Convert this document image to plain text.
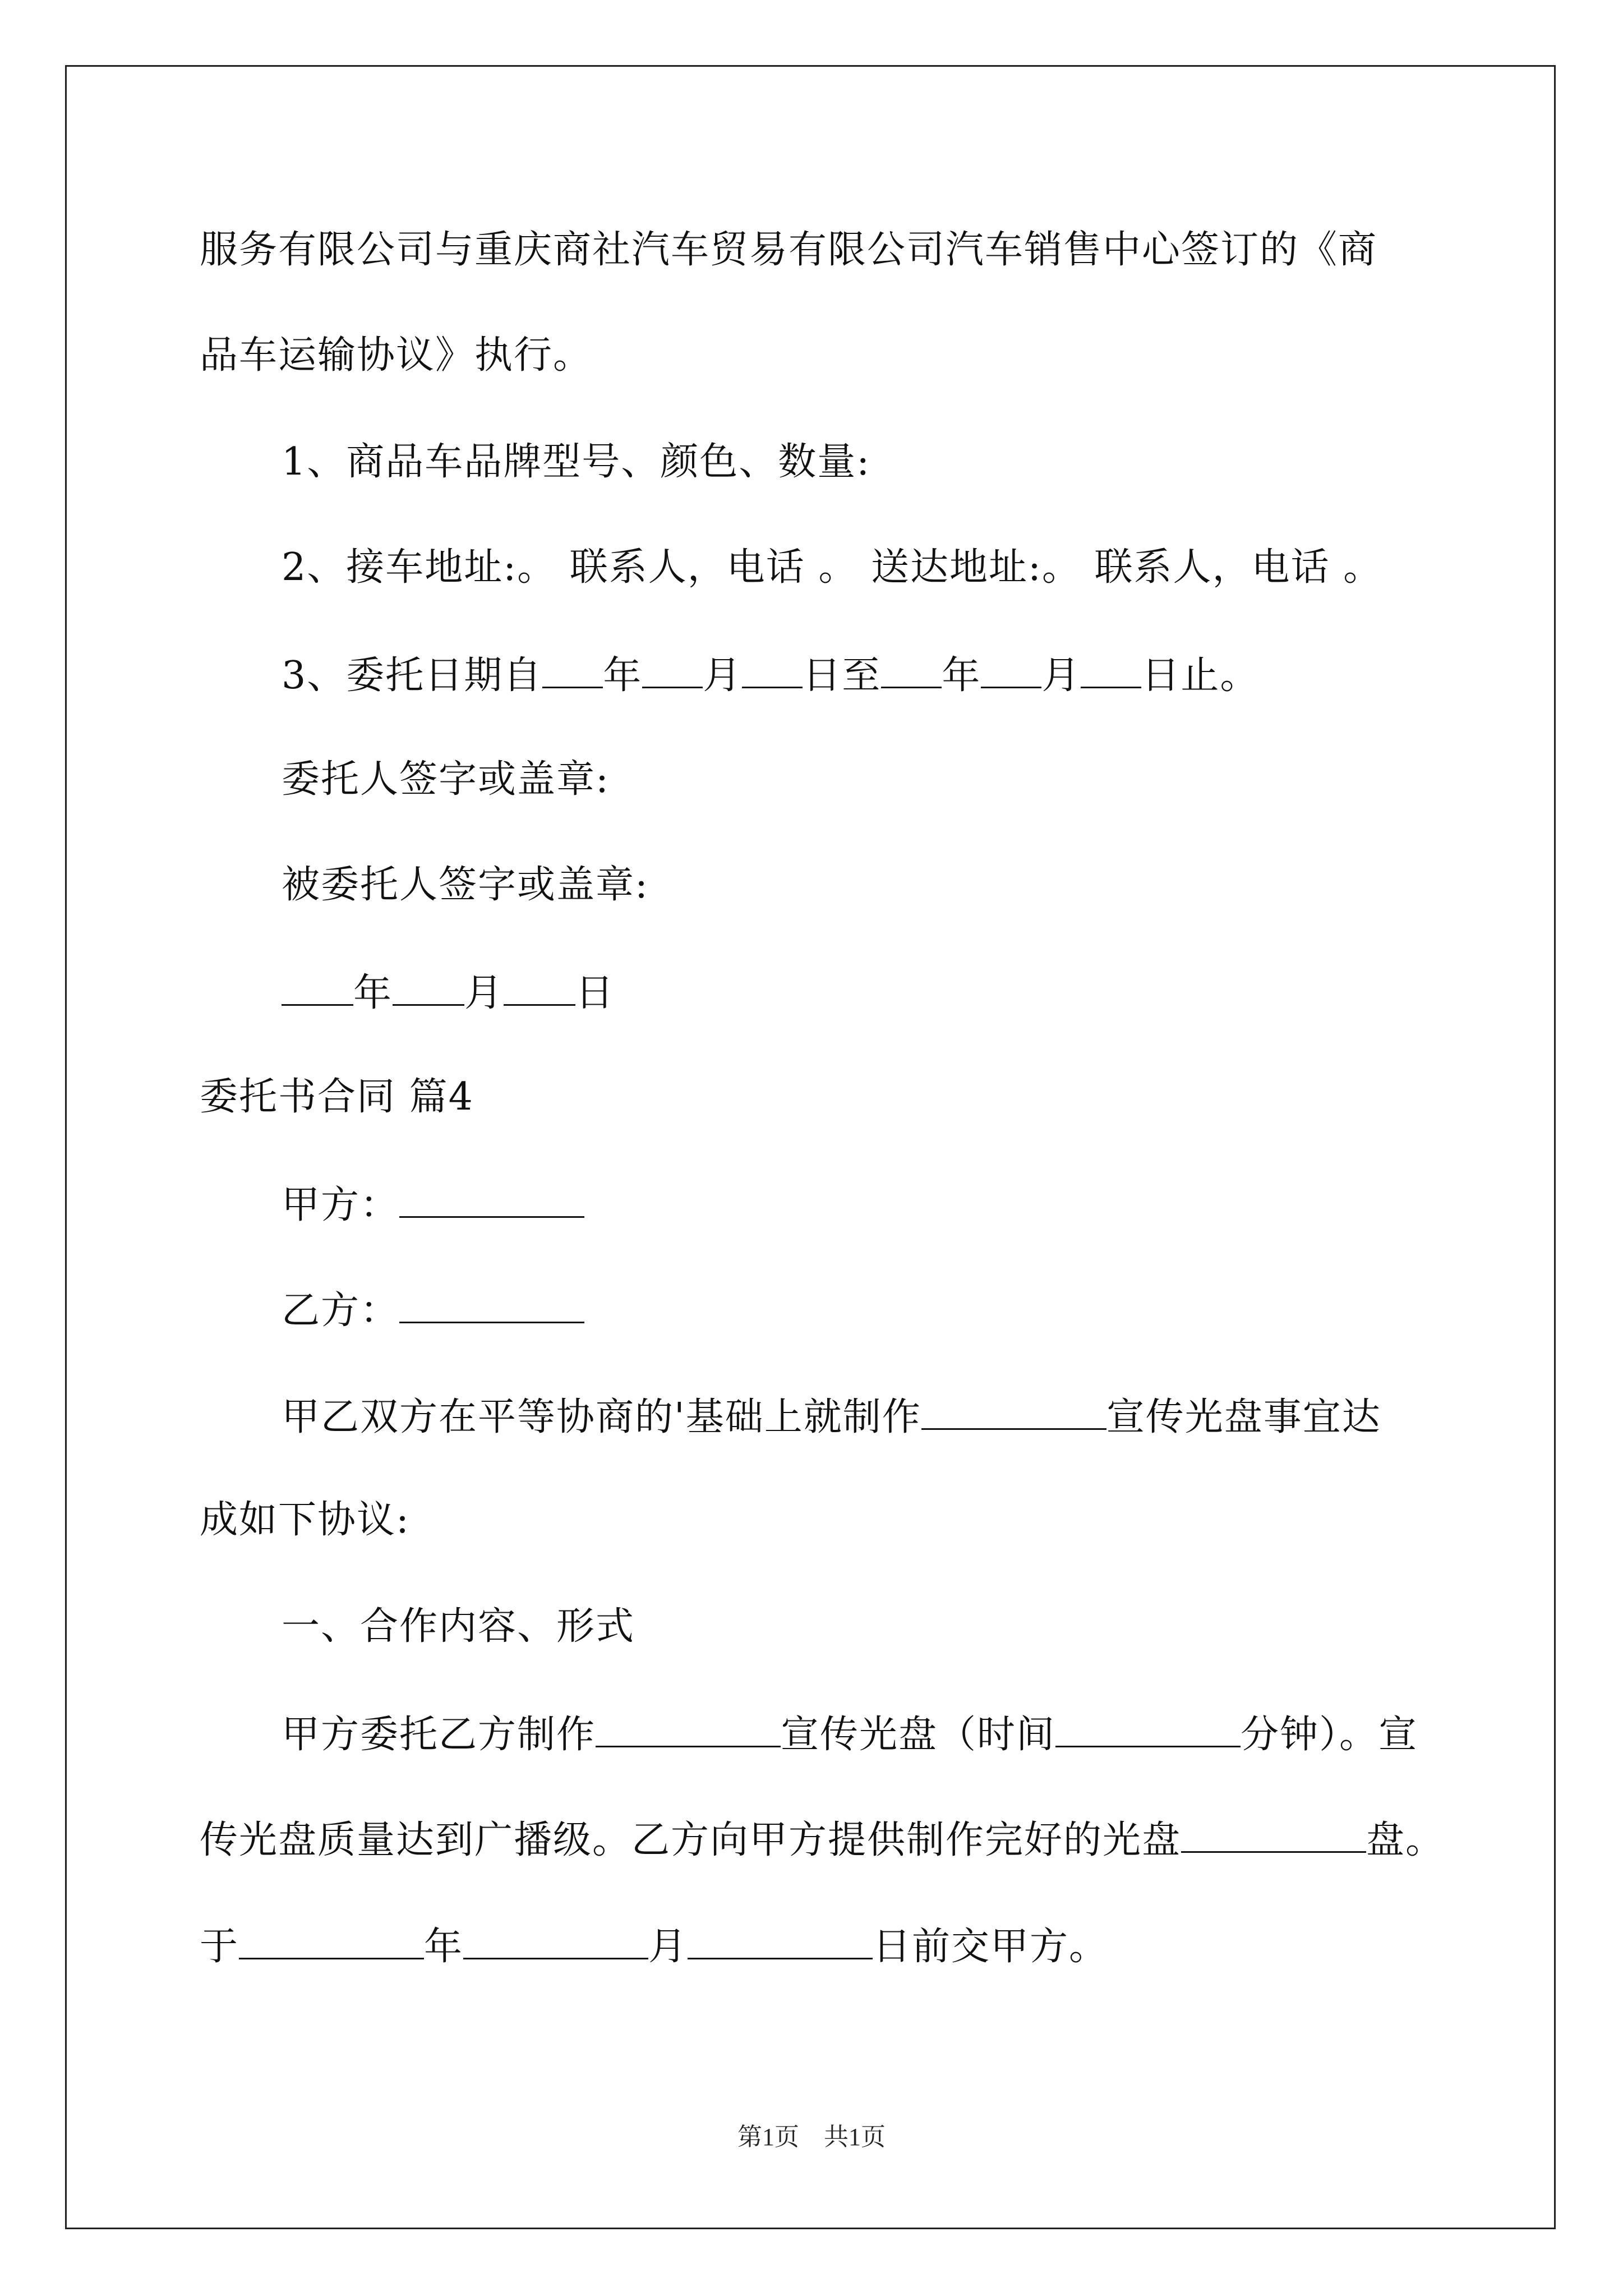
服务有限公司与重庆商社汽车贸易有限公司汽车销售中心签订的《商
品车运输协议》执行。
1、商品车品牌型号、颜色、数量:
2、接车地址:。 联系人，电话 。 送达地址:。 联系人，电话 。
3、委托日期自 年 月 日至 年 月 日止。
委托人签字或盖章:
被委托人签字或盖章:
年 月 日
委托书合同 篇4
甲方：
乙方：
甲乙双方在平等协商的'基础上就制作	宣传光盘事宜达
成如下协议:
一、合作内容、形式
甲方委托乙方制作	宣传光盘（时间	分钟）。宣
传光盘质量达到广播级。乙方向甲方提供制作完好的光盘	盘。
于	年	月	日前交甲方。
第1页　共1页
